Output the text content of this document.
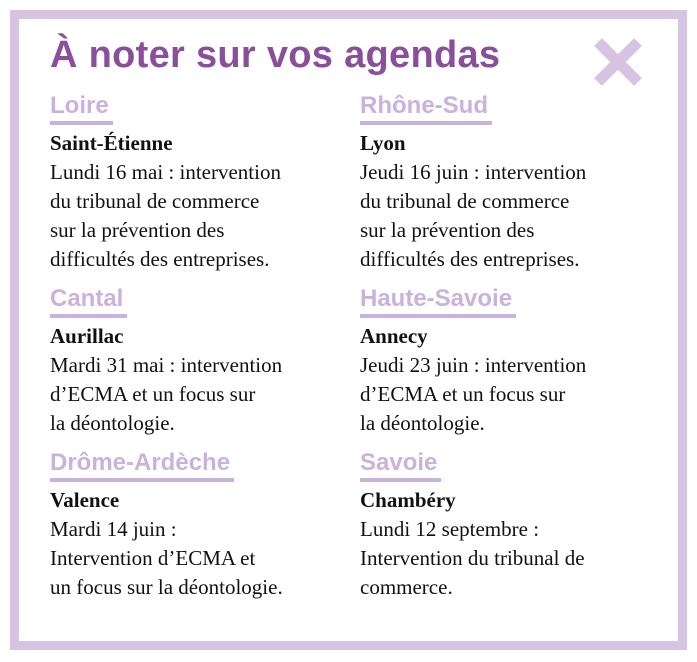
À noter sur vos agendas
Loire
Saint-Étienne
Lundi 16 mai : intervention
du tribunal de commerce
sur la prévention des
difficultés des entreprises.
Cantal
Aurillac
Mardi 31 mai : intervention
d’ECMA et un focus sur
la déontologie.
Drôme-Ardèche
Valence
Mardi 14 juin :
Intervention d’ECMA et
un focus sur la déontologie.
Rhône-Sud
Lyon
Jeudi 16 juin : intervention
du tribunal de commerce
sur la prévention des
difficultés des entreprises.
Haute-Savoie
Annecy
Jeudi 23 juin : intervention
d’ECMA et un focus sur
la déontologie.
Savoie
Chambéry
Lundi 12 septembre :
Intervention du tribunal de
commerce.
